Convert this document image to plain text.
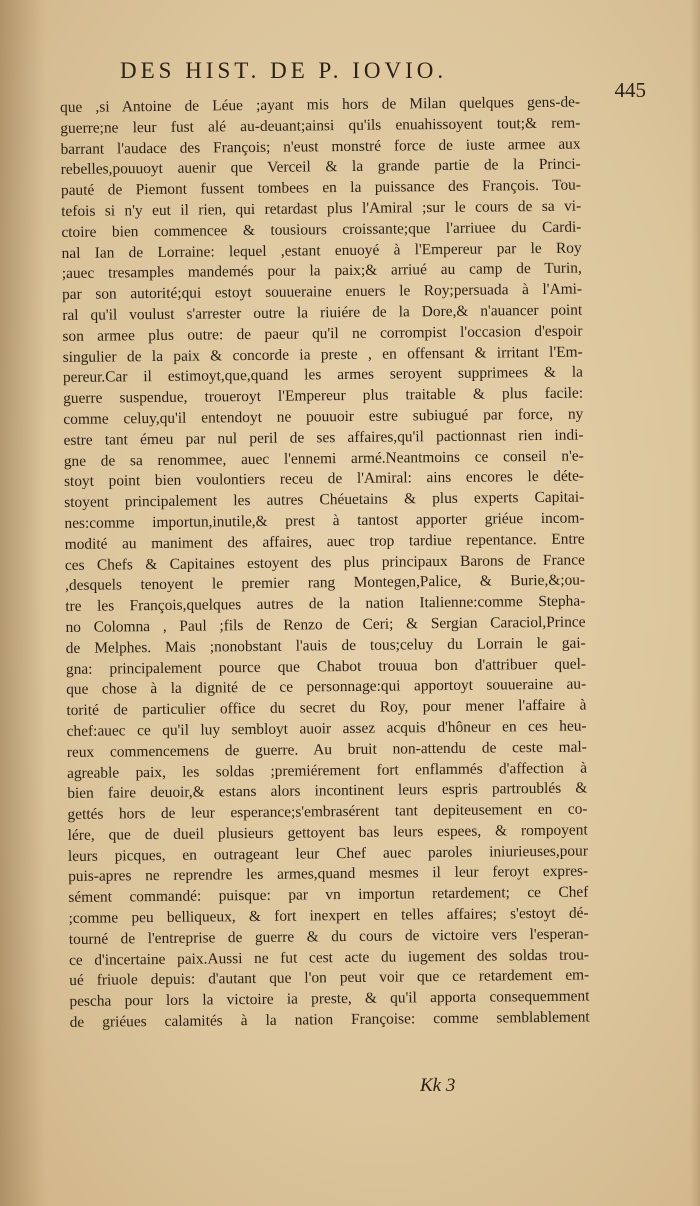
DES HIST. DE P. IOVIO.
445
que ,si Antoine de Léue ;ayant mis hors de Milan quelques gens-de-
guerre;ne leur fust alé au-deuant;ainsi qu'ils enuahissoyent tout;& rem-
barrant l'audace des François; n'eust monstré force de iuste armee aux
rebelles,pouuoyt auenir que Verceil & la grande partie de la Princi-
pauté de Piemont fussent tombees en la puissance des François. Tou-
tefois si n'y eut il rien, qui retardast plus l'Amiral ;sur le cours de sa vi-
ctoire bien commencee & tousiours croissante;que l'arriuee du Cardi-
nal Ian de Lorraine: lequel ,estant enuoyé à l'Empereur par le Roy
;auec tresamples mandemés pour la paix;& arriué au camp de Turin,
par son autorité;qui estoyt souueraine enuers le Roy;persuada à l'Ami-
ral qu'il voulust s'arrester outre la riuiére de la Dore,& n'auancer point
son armee plus outre: de paeur qu'il ne corrompist l'occasion d'espoir
singulier de la paix & concorde ia preste , en offensant & irritant l'Em-
pereur.Car il estimoyt,que,quand les armes seroyent supprimees & la
guerre suspendue, troueroyt l'Empereur plus traitable & plus facile:
comme celuy,qu'il entendoyt ne pouuoir estre subiugué par force, ny
estre tant émeu par nul peril de ses affaires,qu'il pactionnast rien indi-
gne de sa renommee, auec l'ennemi armé.Neantmoins ce conseil n'e-
stoyt point bien voulontiers receu de l'Amiral: ains encores le déte-
stoyent principalement les autres Chéuetains & plus experts Capitai-
nes:comme importun,inutile,& prest à tantost apporter griéue incom-
modité au maniment des affaires, auec trop tardiue repentance. Entre
ces Chefs & Capitaines estoyent des plus principaux Barons de France
,desquels tenoyent le premier rang Montegen,Palice, & Burie,&;ou-
tre les François,quelques autres de la nation Italienne:comme Stepha-
no Colomna , Paul ;fils de Renzo de Ceri; & Sergian Caraciol,Prince
de Melphes. Mais ;nonobstant l'auis de tous;celuy du Lorrain le gai-
gna: principalement pource que Chabot trouua bon d'attribuer quel-
que chose à la dignité de ce personnage:qui apportoyt souueraine au-
torité de particulier office du secret du Roy, pour mener l'affaire à
chef:auec ce qu'il luy sembloyt auoir assez acquis d'hôneur en ces heu-
reux commencemens de guerre. Au bruit non-attendu de ceste mal-
agreable paix, les soldas ;premiérement fort enflammés d'affection à
bien faire deuoir,& estans alors incontinent leurs espris partroublés &
gettés hors de leur esperance;s'embrasérent tant depiteusement en co-
lére, que de dueil plusieurs gettoyent bas leurs espees, & rompoyent
leurs picques, en outrageant leur Chef auec paroles iniurieuses,pour
puis-apres ne reprendre les armes,quand mesmes il leur feroyt expres-
sément commandé: puisque: par vn importun retardement; ce Chef
;comme peu belliqueux, & fort inexpert en telles affaires; s'estoyt dé-
tourné de l'entreprise de guerre & du cours de victoire vers l'esperan-
ce d'incertaine paix.Aussi ne fut cest acte du iugement des soldas trou-
ué friuole depuis: d'autant que l'on peut voir que ce retardement em-
pescha pour lors la victoire ia preste, & qu'il apporta consequemment
de griéues calamités à la nation Françoise: comme semblablement
Kk 3
